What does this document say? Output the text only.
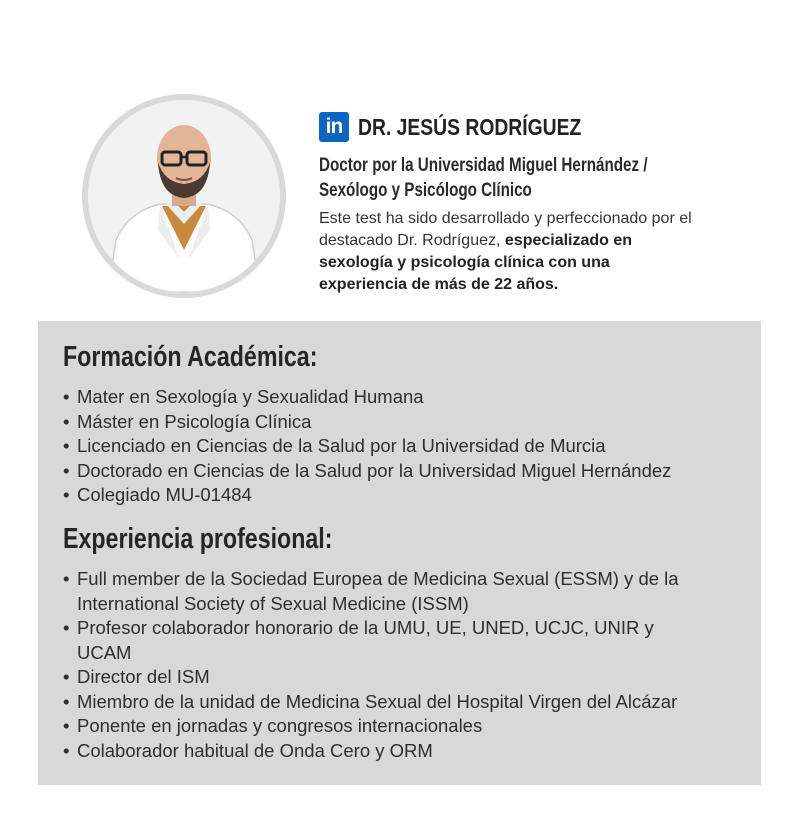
in DR. JESÚS RODRÍGUEZ
Doctor por la Universidad Miguel Hernández /
Sexólogo y Psicólogo Clínico
Este test ha sido desarrollado y perfeccionado por el destacado Dr. Rodríguez, especializado en sexología y psicología clínica con una experiencia de más de 22 años.
Formación Académica:
• Mater en Sexología y Sexualidad Humana
• Máster en Psicología Clínica
• Licenciado en Ciencias de la Salud por la Universidad de Murcia
• Doctorado en Ciencias de la Salud por la Universidad Miguel Hernández
• Colegiado MU-01484
Experiencia profesional:
• Full member de la Sociedad Europea de Medicina Sexual (ESSM) y de la International Society of Sexual Medicine (ISSM)
• Profesor colaborador honorario de la UMU, UE, UNED, UCJC, UNIR y UCAM
• Director del ISM
• Miembro de la unidad de Medicina Sexual del Hospital Virgen del Alcázar
• Ponente en jornadas y congresos internacionales
• Colaborador habitual de Onda Cero y ORM
